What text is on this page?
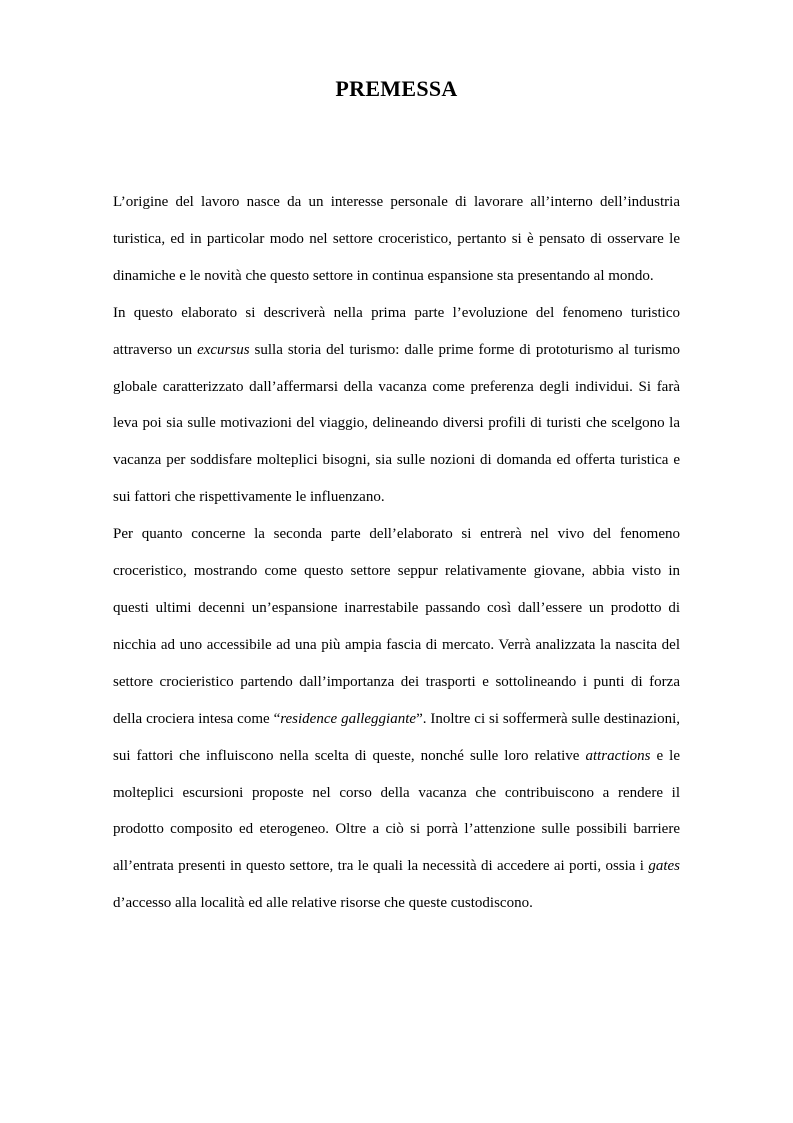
PREMESSA

L’origine del lavoro nasce da un interesse personale di lavorare all’interno dell’industria turistica, ed in particolar modo nel settore croceristico, pertanto si è pensato di osservare le dinamiche e le novità che questo settore in continua espansione sta presentando al mondo.

In questo elaborato si descriverà nella prima parte l’evoluzione del fenomeno turistico attraverso un excursus sulla storia del turismo: dalle prime forme di prototurismo al turismo globale caratterizzato dall’affermarsi della vacanza come preferenza degli individui. Si farà leva poi sia sulle motivazioni del viaggio, delineando diversi profili di turisti che scelgono la vacanza per soddisfare molteplici bisogni, sia sulle nozioni di domanda ed offerta turistica e sui fattori che rispettivamente le influenzano.

Per quanto concerne la seconda parte dell’elaborato si entrerà nel vivo del fenomeno croceristico, mostrando come questo settore seppur relativamente giovane, abbia visto in questi ultimi decenni un’espansione inarrestabile passando così dall’essere un prodotto di nicchia ad uno accessibile ad una più ampia fascia di mercato. Verrà analizzata la nascita del settore crocieristico partendo dall’importanza dei trasporti e sottolineando i punti di forza della crociera intesa come “residence galleggiante”. Inoltre ci si soffermerà sulle destinazioni, sui fattori che influiscono nella scelta di queste, nonché sulle loro relative attractions e le molteplici escursioni proposte nel corso della vacanza che contribuiscono a rendere il prodotto composito ed eterogeneo. Oltre a ciò si porrà l’attenzione sulle possibili barriere all’entrata presenti in questo settore, tra le quali la necessità di accedere ai porti, ossia i gates d’accesso alla località ed alle relative risorse che queste custodiscono.
